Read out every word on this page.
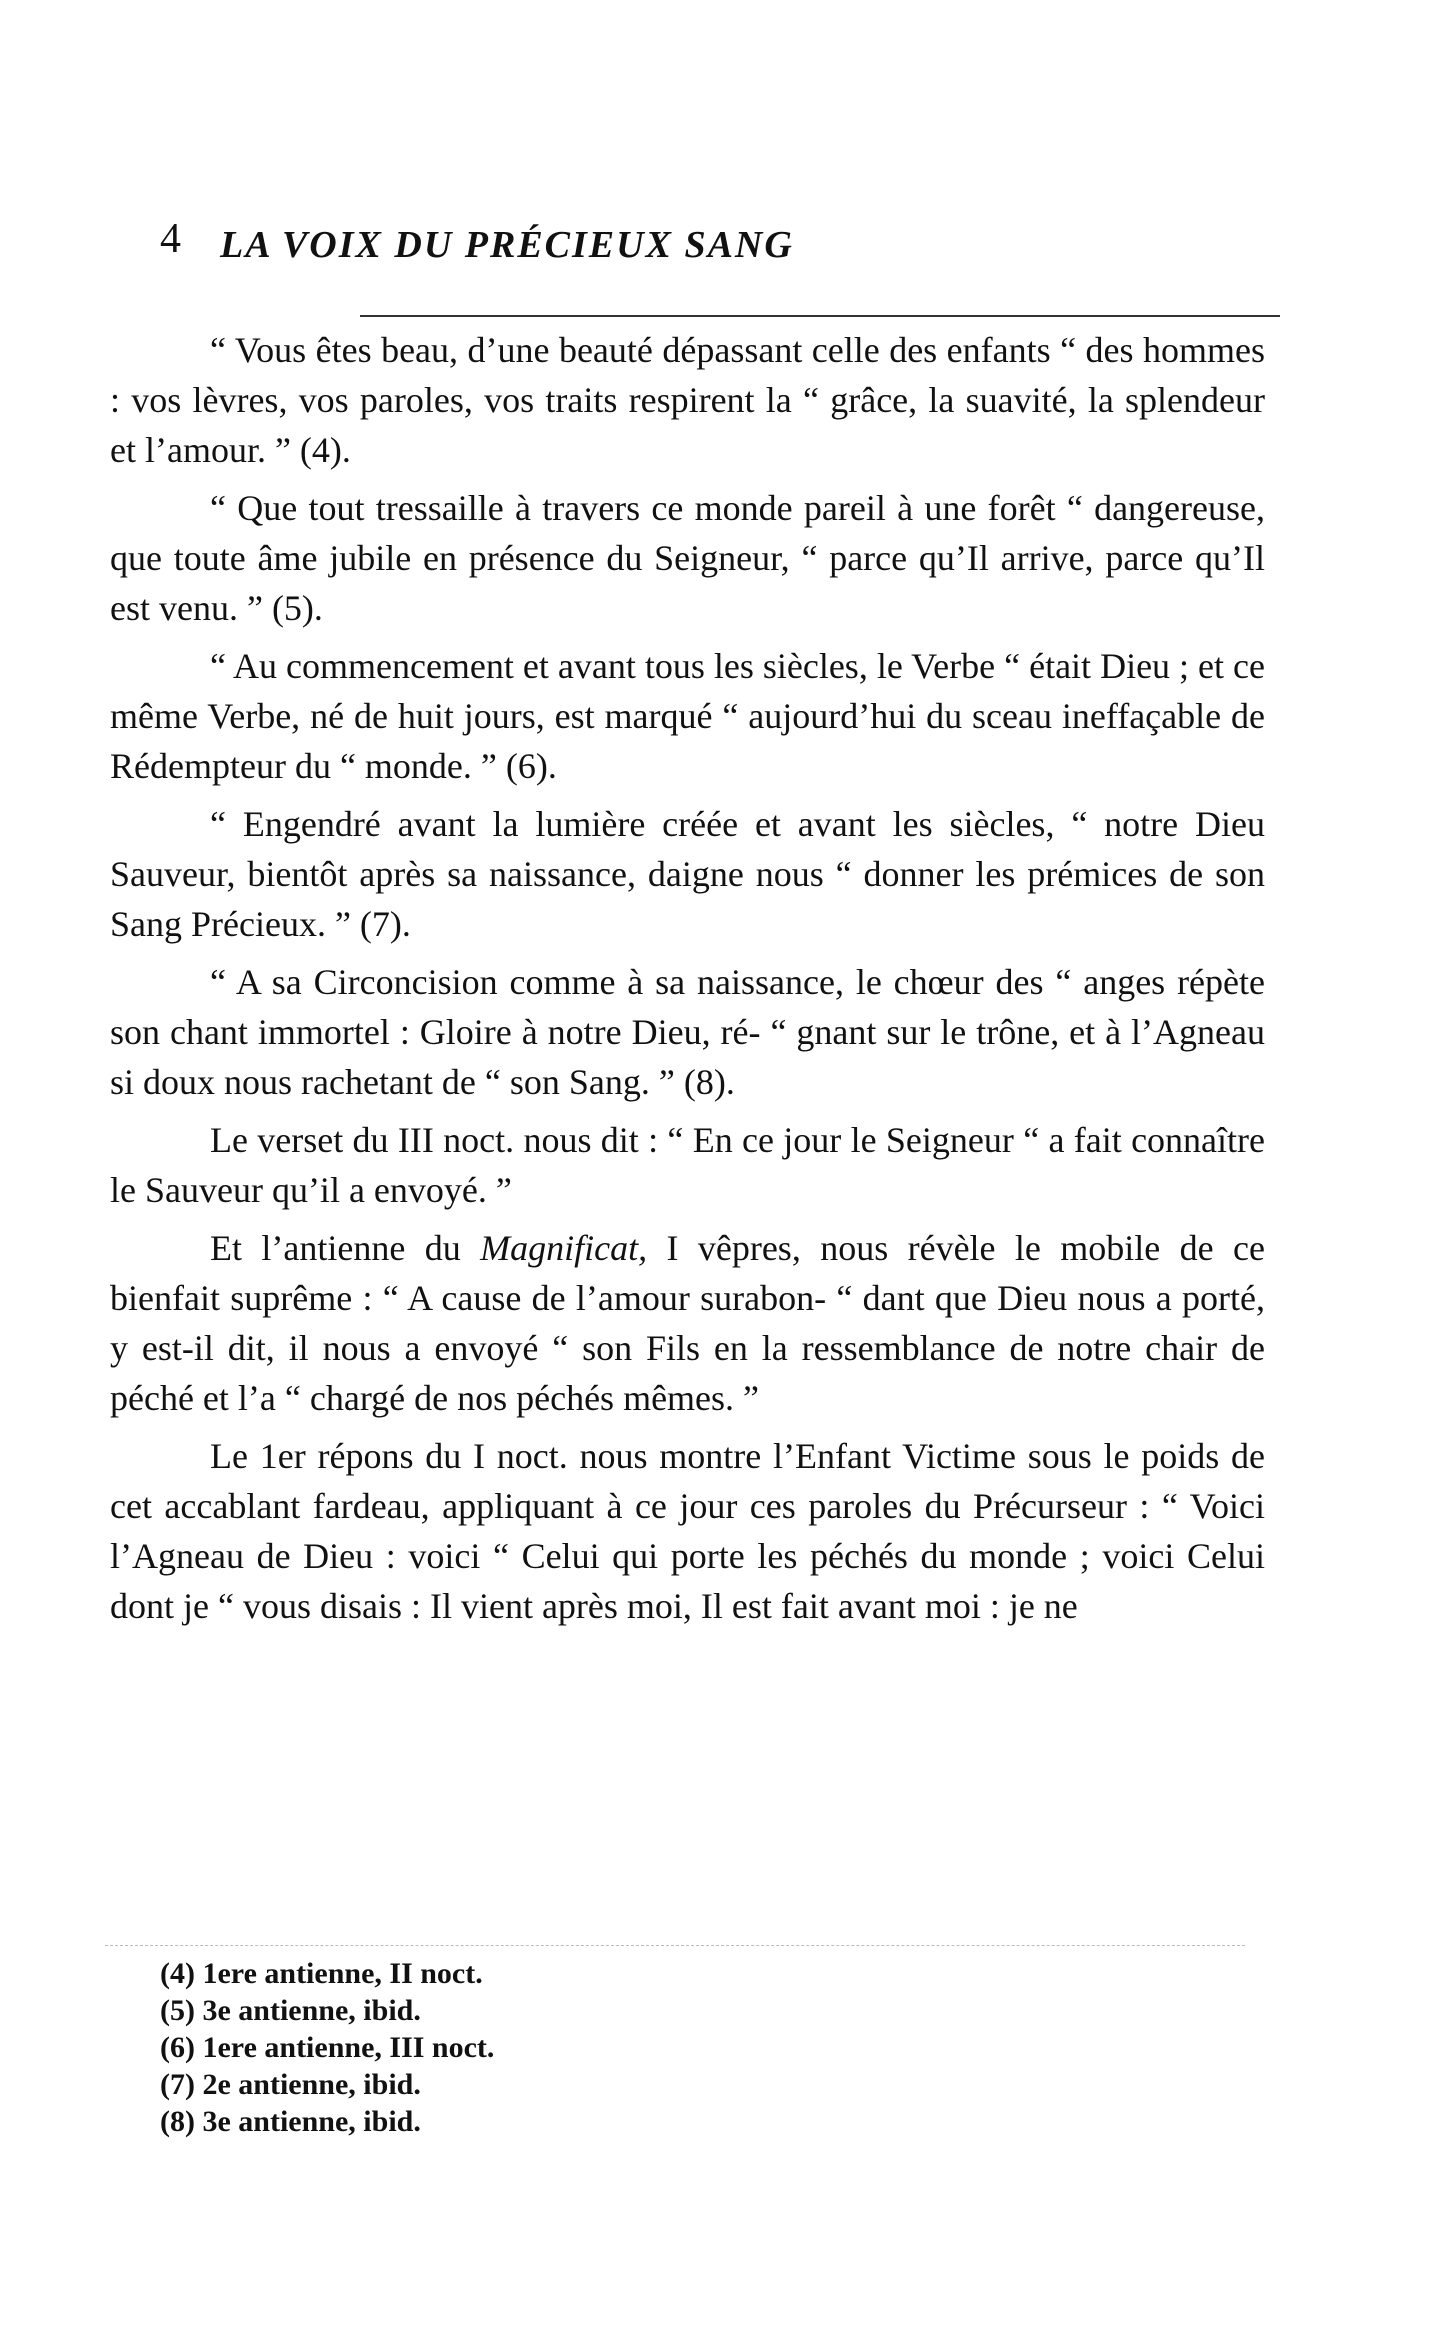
4 LA VOIX DU PRÉCIEUX SANG

“ Vous êtes beau, d’une beauté dépassant celle des enfants “ des hommes : vos lèvres, vos paroles, vos traits respirent la “ grâce, la suavité, la splendeur et l’amour. ” (4).

“ Que tout tressaille à travers ce monde pareil à une forêt “ dangereuse, que toute âme jubile en présence du Seigneur, “ parce qu’Il arrive, parce qu’Il est venu. ” (5).

“ Au commencement et avant tous les siècles, le Verbe “ était Dieu ; et ce même Verbe, né de huit jours, est marqué “ aujourd’hui du sceau ineffaçable de Rédempteur du “ monde. ” (6).

“ Engendré avant la lumière créée et avant les siècles, “ notre Dieu Sauveur, bientôt après sa naissance, daigne nous “ donner les prémices de son Sang Précieux. ” (7).

“ A sa Circoncision comme à sa naissance, le chœur des “ anges répète son chant immortel : Gloire à notre Dieu, ré- “ gnant sur le trône, et à l’Agneau si doux nous rachetant de “ son Sang. ” (8).

Le verset du III noct. nous dit : “ En ce jour le Seigneur “ a fait connaître le Sauveur qu’il a envoyé. ”

Et l’antienne du Magnificat, I vêpres, nous révèle le mobile de ce bienfait suprême : “ A cause de l’amour surabon- “ dant que Dieu nous a porté, y est-il dit, il nous a envoyé “ son Fils en la ressemblance de notre chair de péché et l’a “ chargé de nos péchés mêmes. ”

Le 1er répons du I noct. nous montre l’Enfant Victime sous le poids de cet accablant fardeau, appliquant à ce jour ces paroles du Précurseur : “ Voici l’Agneau de Dieu : voici “ Celui qui porte les péchés du monde ; voici Celui dont je “ vous disais : Il vient après moi, Il est fait avant moi : je ne

(4) 1ere antienne, II noct.
(5) 3e antienne, ibid.
(6) 1ere antienne, III noct.
(7) 2e antienne, ibid.
(8) 3e antienne, ibid.
